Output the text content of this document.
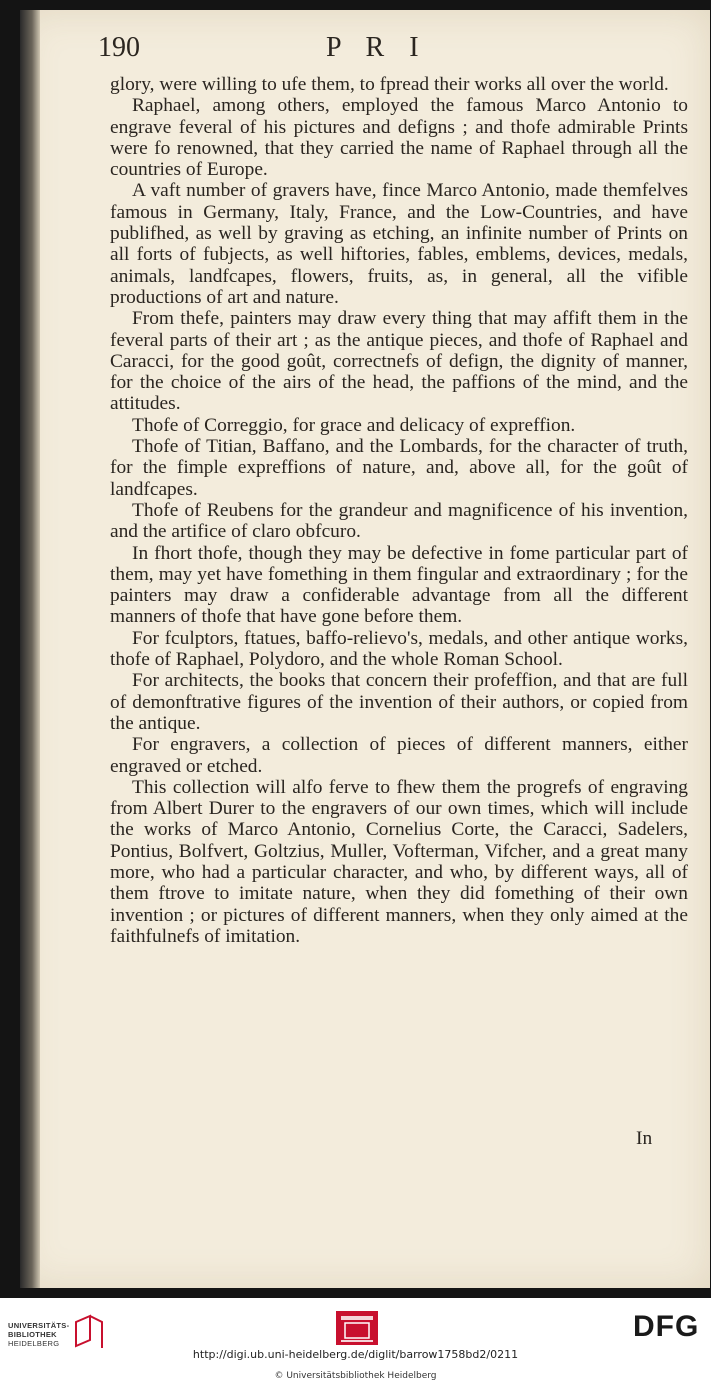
190	P R I

glory, were willing to ufe them, to fpread their works all over the world.

Raphael, among others, employed the famous Marco Antonio to engrave feveral of his pictures and defigns ; and thofe admirable Prints were fo renowned, that they carried the name of Raphael through all the countries of Europe.

A vaft number of gravers have, fince Marco Antonio, made themfelves famous in Germany, Italy, France, and the Low-Countries, and have publifhed, as well by graving as etching, an infinite number of Prints on all forts of fubjects, as well hiftories, fables, emblems, devices, medals, animals, landfcapes, flowers, fruits, as, in general, all the vifible productions of art and nature.

From thefe, painters may draw every thing that may affift them in the feveral parts of their art ; as the antique pieces, and thofe of Raphael and Caracci, for the good goût, correctnefs of defign, the dignity of manner, for the choice of the airs of the head, the paffions of the mind, and the attitudes.

Thofe of Correggio, for grace and delicacy of expreffion.

Thofe of Titian, Baffano, and the Lombards, for the character of truth, for the fimple expreffions of nature, and, above all, for the goût of landfcapes.

Thofe of Reubens for the grandeur and magnificence of his invention, and the artifice of claro obfcuro.

In fhort thofe, though they may be defective in fome particular part of them, may yet have fomething in them fingular and extraordinary ; for the painters may draw a confiderable advantage from all the different manners of thofe that have gone before them.

For fculptors, ftatues, baffo-relievo's, medals, and other antique works, thofe of Raphael, Polydoro, and the whole Roman School.

For architects, the books that concern their profeffion, and that are full of demonftrative figures of the invention of their authors, or copied from the antique.

For engravers, a collection of pieces of different manners, either engraved or etched.

This collection will alfo ferve to fhew them the progrefs of engraving from Albert Durer to the engravers of our own times, which will include the works of Marco Antonio, Cornelius Corte, the Caracci, Sadelers, Pontius, Bolfvert, Goltzius, Muller, Vofterman, Vifcher, and a great many more, who had a particular character, and who, by different ways, all of them ftrove to imitate nature, when they did fomething of their own invention ; or pictures of different manners, when they only aimed at the faithfulnefs of imitation.

In
UNIVERSITÄTS-
BIBLIOTHEK
HEIDELBERG
DFG
http://digi.ub.uni-heidelberg.de/diglit/barrow1758bd2/0211
© Universitätsbibliothek Heidelberg
